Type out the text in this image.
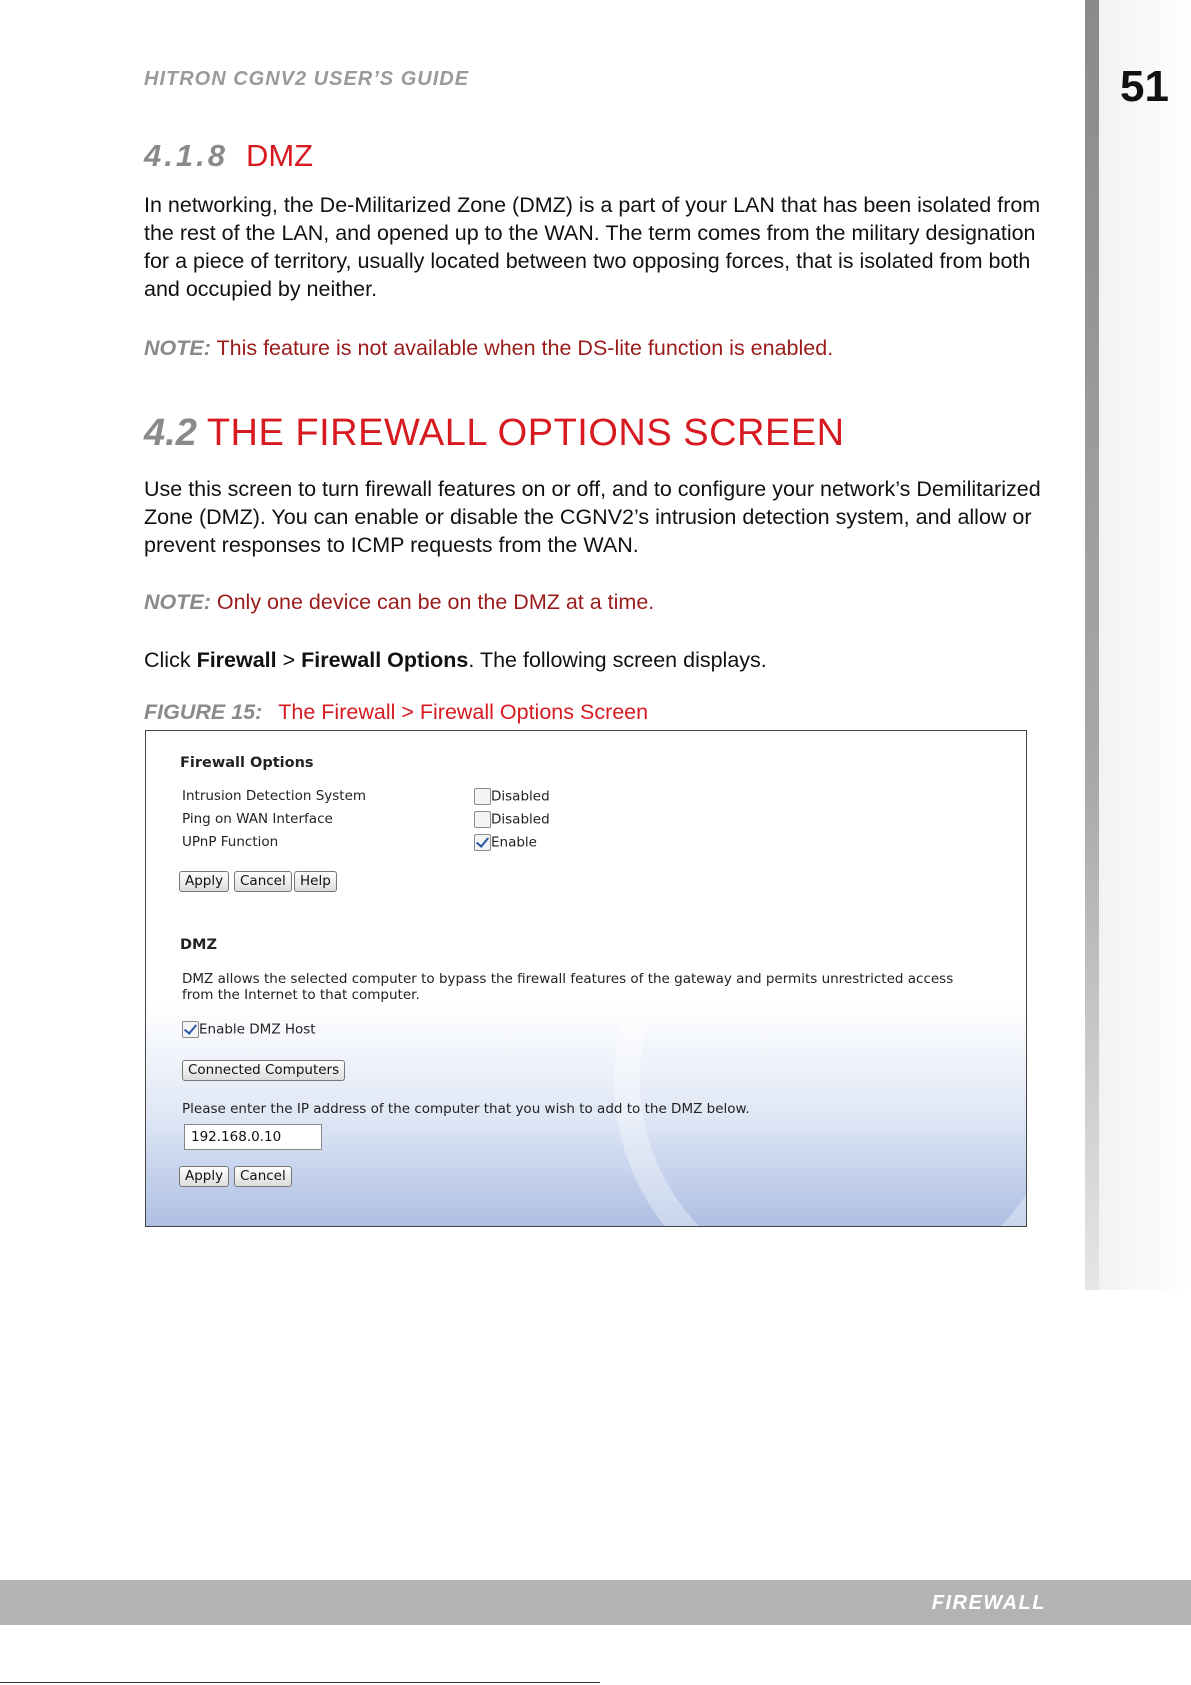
51
HITRON CGNV2 USER’S GUIDE
4.1.8 DMZ
In networking, the De-Militarized Zone (DMZ) is a part of your LAN that has been isolated from the rest of the LAN, and opened up to the WAN. The term comes from the military designation for a piece of territory, usually located between two opposing forces, that is isolated from both and occupied by neither.
NOTE: This feature is not available when the DS-lite function is enabled.
4.2 THE FIREWALL OPTIONS SCREEN
Use this screen to turn firewall features on or off, and to configure your network’s Demilitarized Zone (DMZ). You can enable or disable the CGNV2’s intrusion detection system, and allow or prevent responses to ICMP requests from the WAN.
NOTE: Only one device can be on the DMZ at a time.
Click Firewall > Firewall Options. The following screen displays.
FIGURE 15: The Firewall > Firewall Options Screen
Firewall Options
Intrusion Detection System	Disabled
Ping on WAN Interface	Disabled
UPnP Function	Enable
Apply	Cancel	Help
DMZ
DMZ allows the selected computer to bypass the firewall features of the gateway and permits unrestricted access
from the Internet to that computer.
Enable DMZ Host
Connected Computers
Please enter the IP address of the computer that you wish to add to the DMZ below.
192.168.0.10
Apply	Cancel
FIREWALL
